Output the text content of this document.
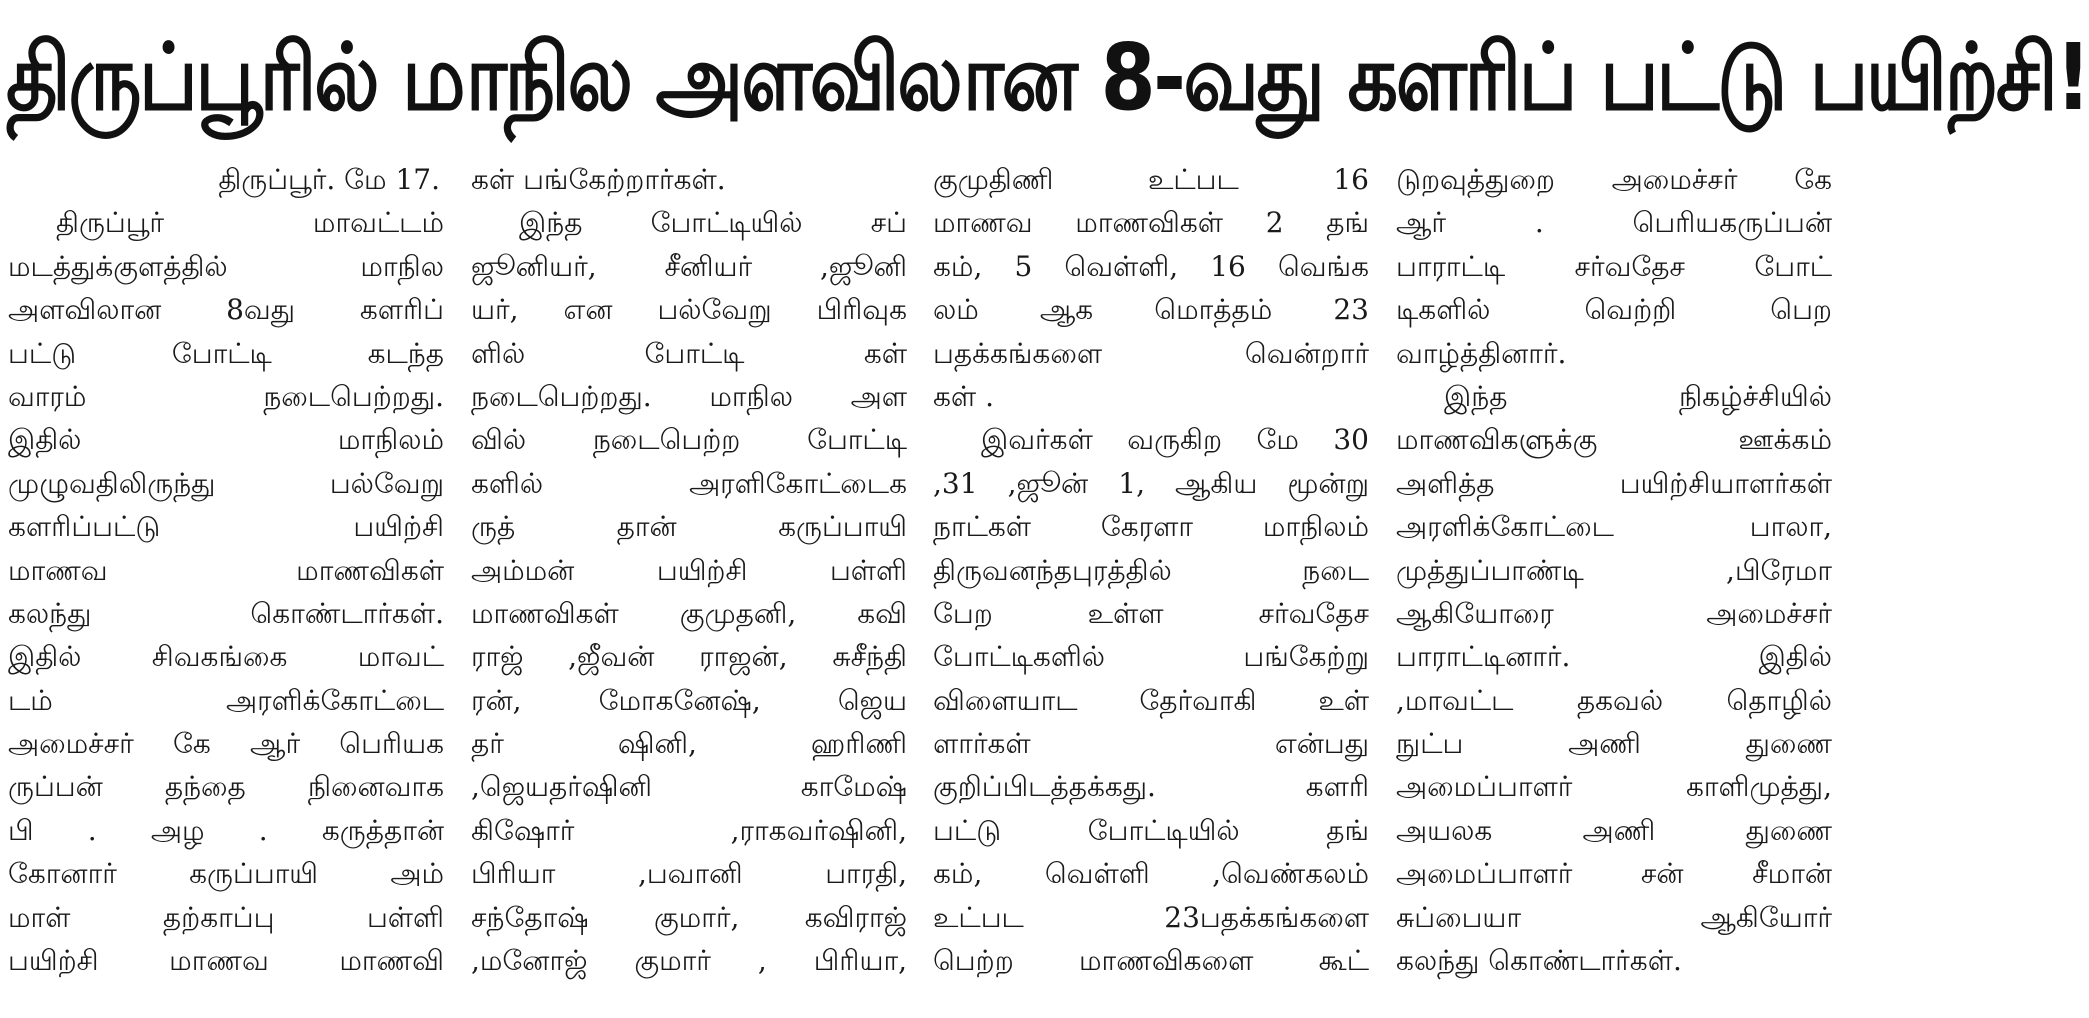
திருப்பூரில் மாநில அளவிலான 8-வது களரிப் பட்டு பயிற்சி!
திருப்பூர். மே 17.
திருப்பூர் மாவட்டம்
மடத்துக்குளத்தில் மாநில
அளவிலான 8வது களரிப்
பட்டு போட்டி கடந்த
வாரம் நடைபெற்றது.
இதில் மாநிலம்
முழுவதிலிருந்து பல்வேறு
களரிப்பட்டு பயிற்சி
மாணவ மாணவிகள்
கலந்து கொண்டார்கள்.
இதில் சிவகங்கை மாவட்
டம் அரளிக்கோட்டை
அமைச்சர் கே ஆர் பெரியக
ருப்பன் தந்தை நினைவாக
பி . அழ . கருத்தான்
கோனார் கருப்பாயி அம்
மாள் தற்காப்பு பள்ளி
பயிற்சி மாணவ மாணவி
கள் பங்கேற்றார்கள்.
இந்த போட்டியில் சப்
ஜூனியர், சீனியர் ,ஜூனி
யர், என பல்வேறு பிரிவுக
ளில் போட்டி கள்
நடைபெற்றது. மாநில அள
வில் நடைபெற்ற போட்டி
களில் அரளிகோட்டைக
ருத் தான் கருப்பாயி
அம்மன் பயிற்சி பள்ளி
மாணவிகள் குமுதனி, கவி
ராஜ் ,ஜீவன் ராஜன், சுசீந்தி
ரன், மோகனேஷ், ஜெய
தர் ஷினி, ஹரிணி
,ஜெயதர்ஷினி காமேஷ்
கிஷோர் ,ராகவர்ஷினி,
பிரியா ,பவானி பாரதி,
சந்தோஷ் குமார், கவிராஜ்
,மனோஜ் குமார் , பிரியா,
குமுதிணி உட்பட 16
மாணவ மாணவிகள் 2 தங்
கம், 5 வெள்ளி, 16 வெங்க
லம் ஆக மொத்தம் 23
பதக்கங்களை வென்றார்
கள் .
இவர்கள் வருகிற மே 30
,31 ,ஜூன் 1, ஆகிய மூன்று
நாட்கள் கேரளா மாநிலம்
திருவனந்தபுரத்தில் நடை
பேற உள்ள சர்வதேச
போட்டிகளில் பங்கேற்று
விளையாட தேர்வாகி உள்
ளார்கள் என்பது
குறிப்பிடத்தக்கது. களரி
பட்டு போட்டியில் தங்
கம், வெள்ளி ,வெண்கலம்
உட்பட 23பதக்கங்களை
பெற்ற மாணவிகளை கூட்
டுறவுத்துறை அமைச்சர் கே
ஆர் . பெரியகருப்பன்
பாராட்டி சர்வதேச போட்
டிகளில் வெற்றி பெற
வாழ்த்தினார்.
இந்த நிகழ்ச்சியில்
மாணவிகளுக்கு ஊக்கம்
அளித்த பயிற்சியாளர்கள்
அரளிக்கோட்டை பாலா,
முத்துப்பாண்டி ,பிரேமா
ஆகியோரை அமைச்சர்
பாராட்டினார். இதில்
,மாவட்ட தகவல் தொழில்
நுட்ப அணி துணை
அமைப்பாளர் காளிமுத்து,
அயலக அணி துணை
அமைப்பாளர் சன் சீமான்
சுப்பையா ஆகியோர்
கலந்து கொண்டார்கள்.
